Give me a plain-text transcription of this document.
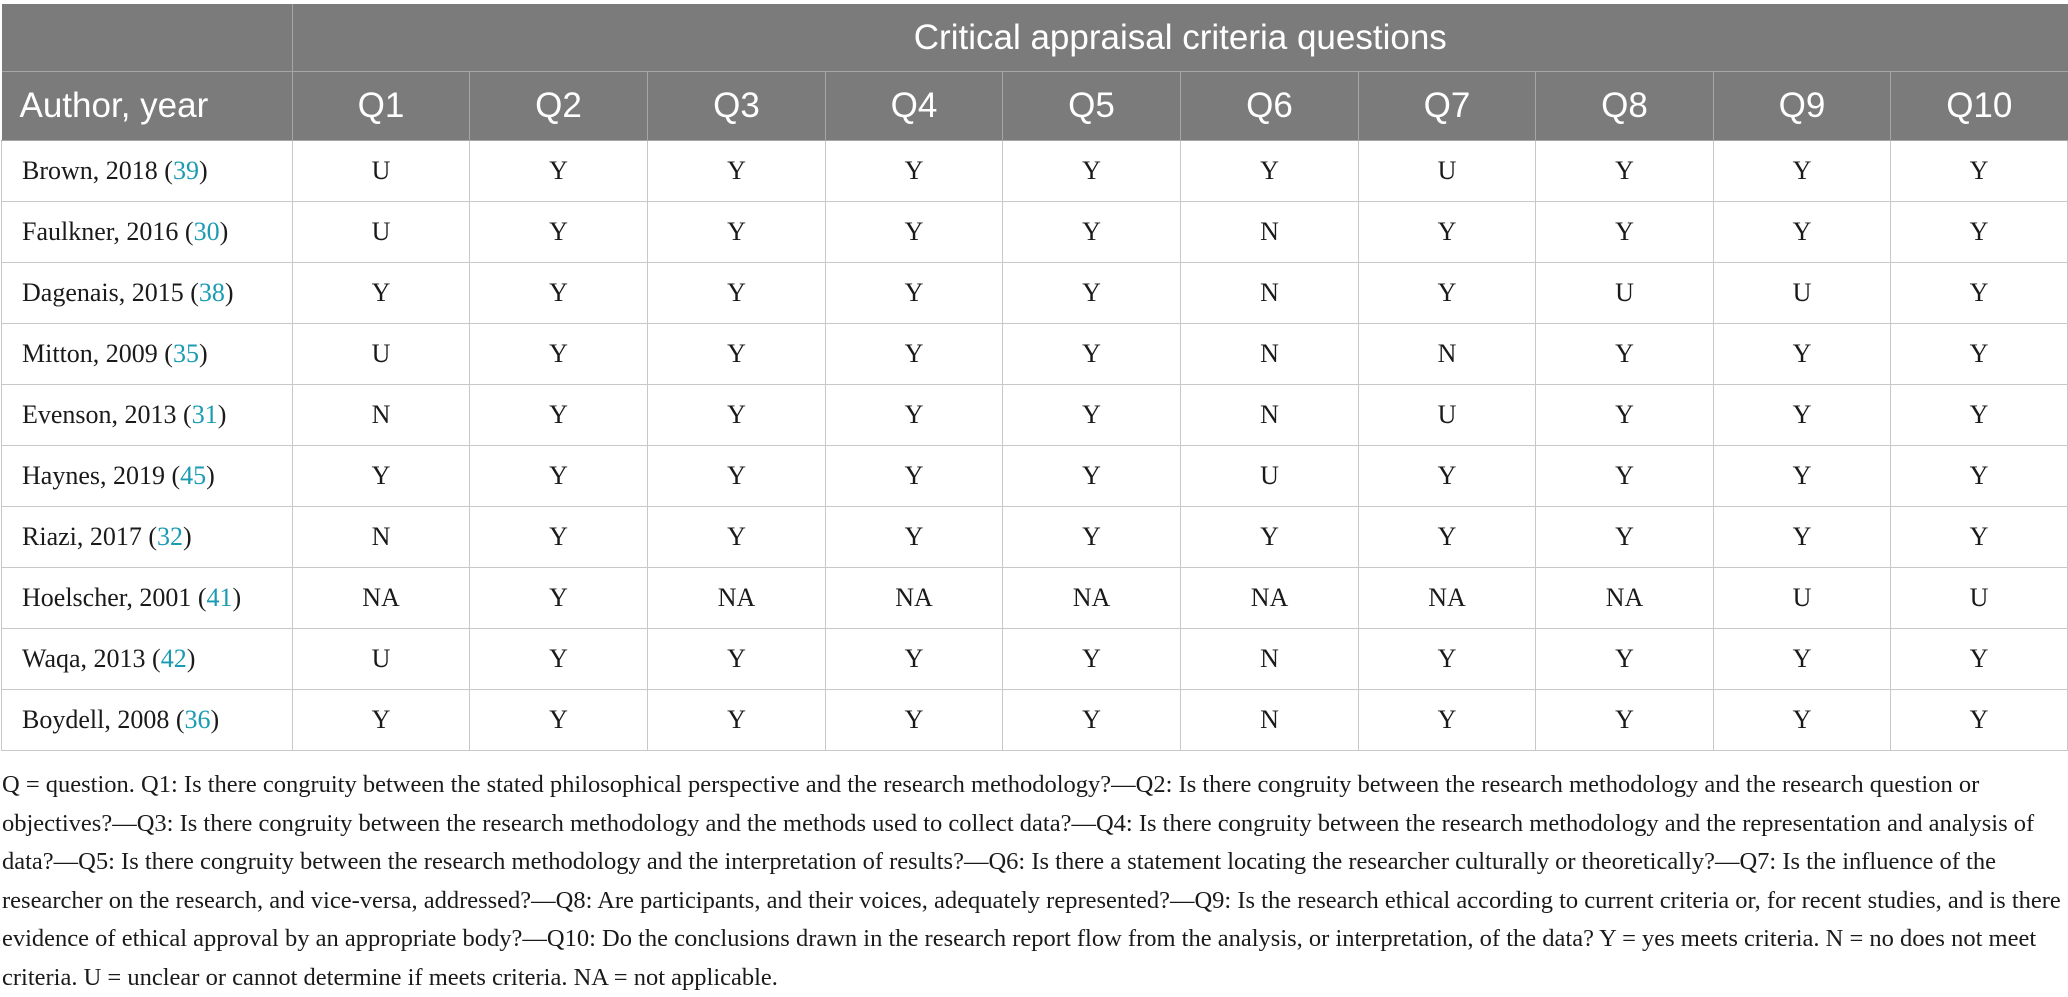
	Critical appraisal criteria questions									
Author, year	Q1	Q2	Q3	Q4	Q5	Q6	Q7	Q8	Q9	Q10
Brown, 2018 (39)	U	Y	Y	Y	Y	Y	U	Y	Y	Y
Faulkner, 2016 (30)	U	Y	Y	Y	Y	N	Y	Y	Y	Y
Dagenais, 2015 (38)	Y	Y	Y	Y	Y	N	Y	U	U	Y
Mitton, 2009 (35)	U	Y	Y	Y	Y	N	N	Y	Y	Y
Evenson, 2013 (31)	N	Y	Y	Y	Y	N	U	Y	Y	Y
Haynes, 2019 (45)	Y	Y	Y	Y	Y	U	Y	Y	Y	Y
Riazi, 2017 (32)	N	Y	Y	Y	Y	Y	Y	Y	Y	Y
Hoelscher, 2001 (41)	NA	Y	NA	NA	NA	NA	NA	NA	U	U
Waqa, 2013 (42)	U	Y	Y	Y	Y	N	Y	Y	Y	Y
Boydell, 2008 (36)	Y	Y	Y	Y	Y	N	Y	Y	Y	Y

Q = question. Q1: Is there congruity between the stated philosophical perspective and the research methodology?—Q2: Is there congruity between the research methodology and the research question or objectives?—Q3: Is there congruity between the research methodology and the methods used to collect data?—Q4: Is there congruity between the research methodology and the representation and analysis of data?—Q5: Is there congruity between the research methodology and the interpretation of results?—Q6: Is there a statement locating the researcher culturally or theoretically?—Q7: Is the influence of the researcher on the research, and vice-versa, addressed?—Q8: Are participants, and their voices, adequately represented?—Q9: Is the research ethical according to current criteria or, for recent studies, and is there evidence of ethical approval by an appropriate body?—Q10: Do the conclusions drawn in the research report flow from the analysis, or interpretation, of the data? Y = yes meets criteria. N = no does not meet criteria. U = unclear or cannot determine if meets criteria. NA = not applicable.
